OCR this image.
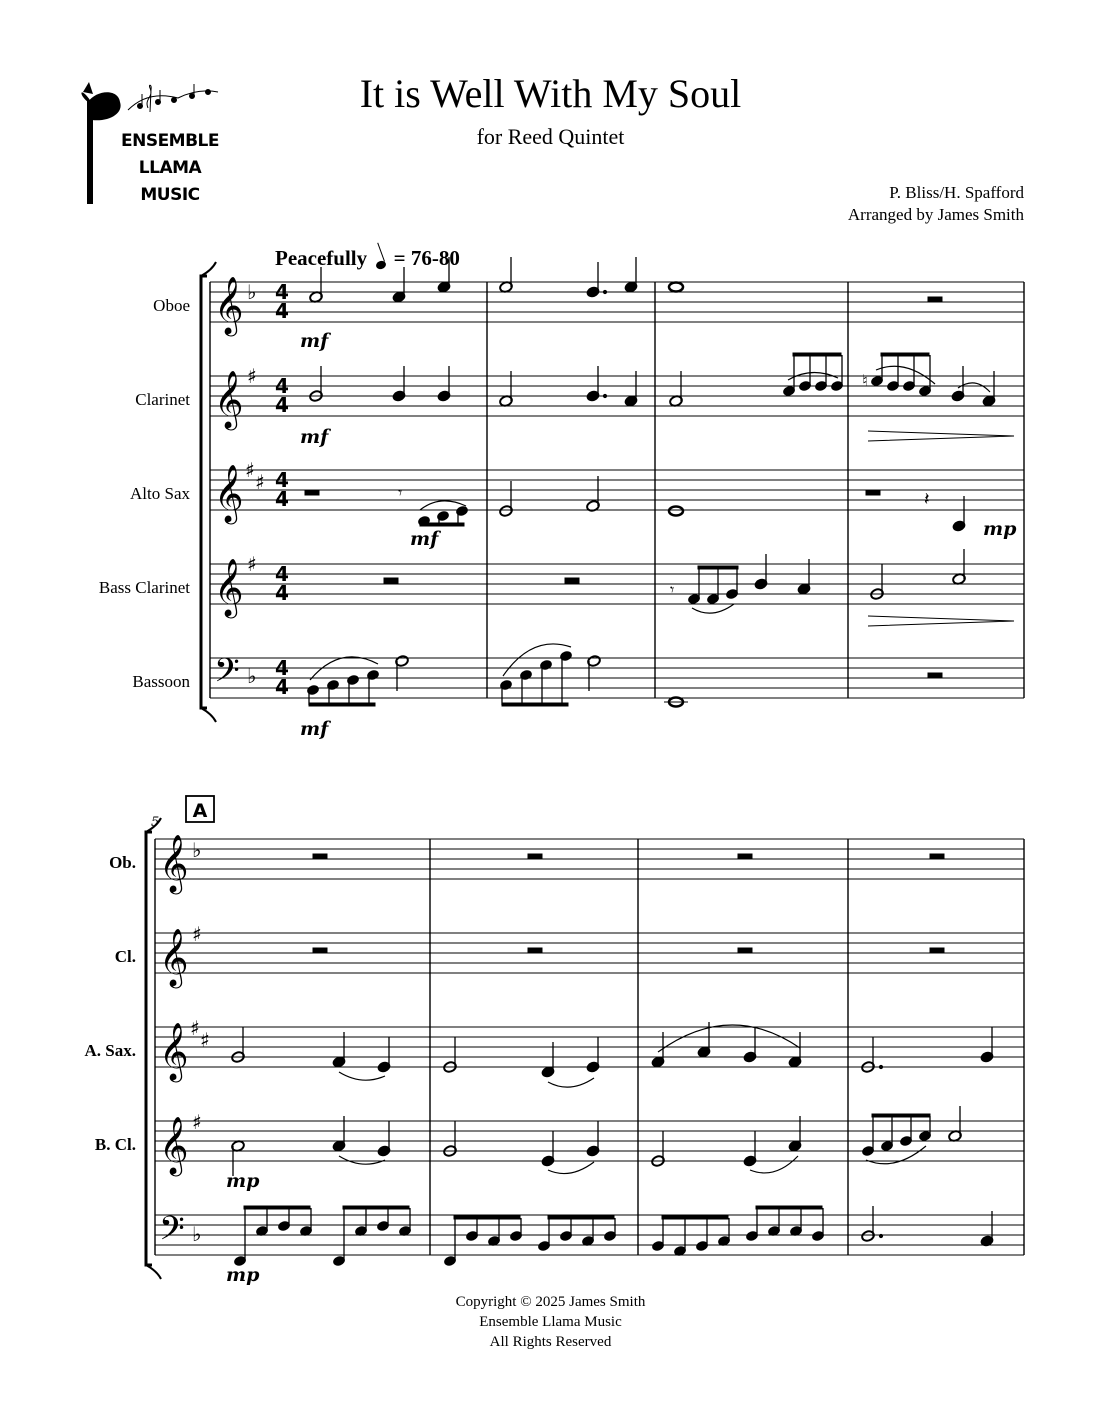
ENSEMBLE
LLAMA
MUSIC
It is Well With My Soul
for Reed Quintet
P. Bliss/H. Spafford
Arranged by James Smith
Peacefully = 76-80
Oboe
Clarinet
Alto Sax
Bass Clarinet
Bassoon
𝄞
𝄞
𝄞
𝄞
𝄢
♭
♯
♯ ♯
♯
♭
4
4
4
4
4
4
4
4
4
4
♮
𝄾	𝄽
𝄾
mf
mf
mf	mp
mf
5
A
Ob.
Cl.
A. Sax.
B. Cl.
𝄞
𝄞
𝄞
𝄞
𝄢
♭
♯
♯ ♯
♯
♭
mp
mp
Copyright © 2025 James Smith
Ensemble Llama Music
All Rights Reserved
